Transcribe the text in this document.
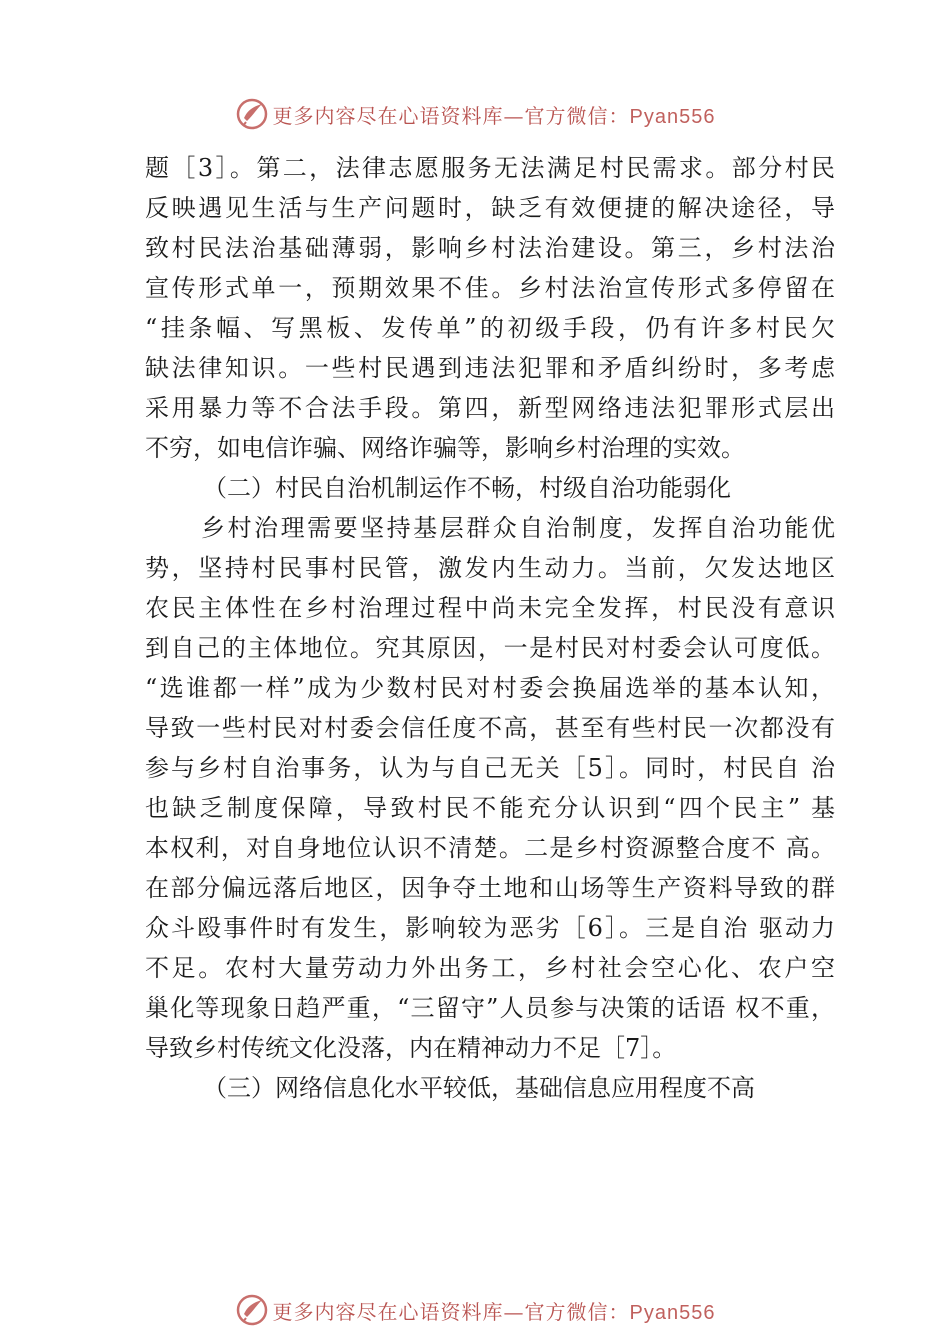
更多内容尽在心语资料库—官方微信：Pyan556
题［3］。第二，法律志愿服务无法满足村民需求。部分村民
反映遇见生活与生产问题时，缺乏有效便捷的解决途径，导
致村民法治基础薄弱，影响乡村法治建设。第三，乡村法治
宣传形式单一，预期效果不佳。乡村法治宣传形式多停留在
“挂条幅、写黑板、发传单”的初级手段，仍有许多村民欠
缺法律知识。一些村民遇到违法犯罪和矛盾纠纷时，多考虑
采用暴力等不合法手段。第四，新型网络违法犯罪形式层出
不穷，如电信诈骗、网络诈骗等，影响乡村治理的实效。
（二）村民自治机制运作不畅，村级自治功能弱化
乡村治理需要坚持基层群众自治制度，发挥自治功能优
势，坚持村民事村民管，激发内生动力。当前，欠发达地区
农民主体性在乡村治理过程中尚未完全发挥，村民没有意识
到自己的主体地位。究其原因，一是村民对村委会认可度低。
“选谁都一样”成为少数村民对村委会换届选举的基本认知，
导致一些村民对村委会信任度不高，甚至有些村民一次都没有
参与乡村自治事务，认为与自己无关［5］。同时，村民自 治
也缺乏制度保障，导致村民不能充分认识到“四个民主” 基
本权利，对自身地位认识不清楚。二是乡村资源整合度不 高。
在部分偏远落后地区，因争夺土地和山场等生产资料导致的群
众斗殴事件时有发生，影响较为恶劣［6］。三是自治 驱动力
不足。农村大量劳动力外出务工，乡村社会空心化、农户空
巢化等现象日趋严重，“三留守”人员参与决策的话语 权不重，
导致乡村传统文化没落，内在精神动力不足［7］。
（三）网络信息化水平较低，基础信息应用程度不高
更多内容尽在心语资料库—官方微信：Pyan556
